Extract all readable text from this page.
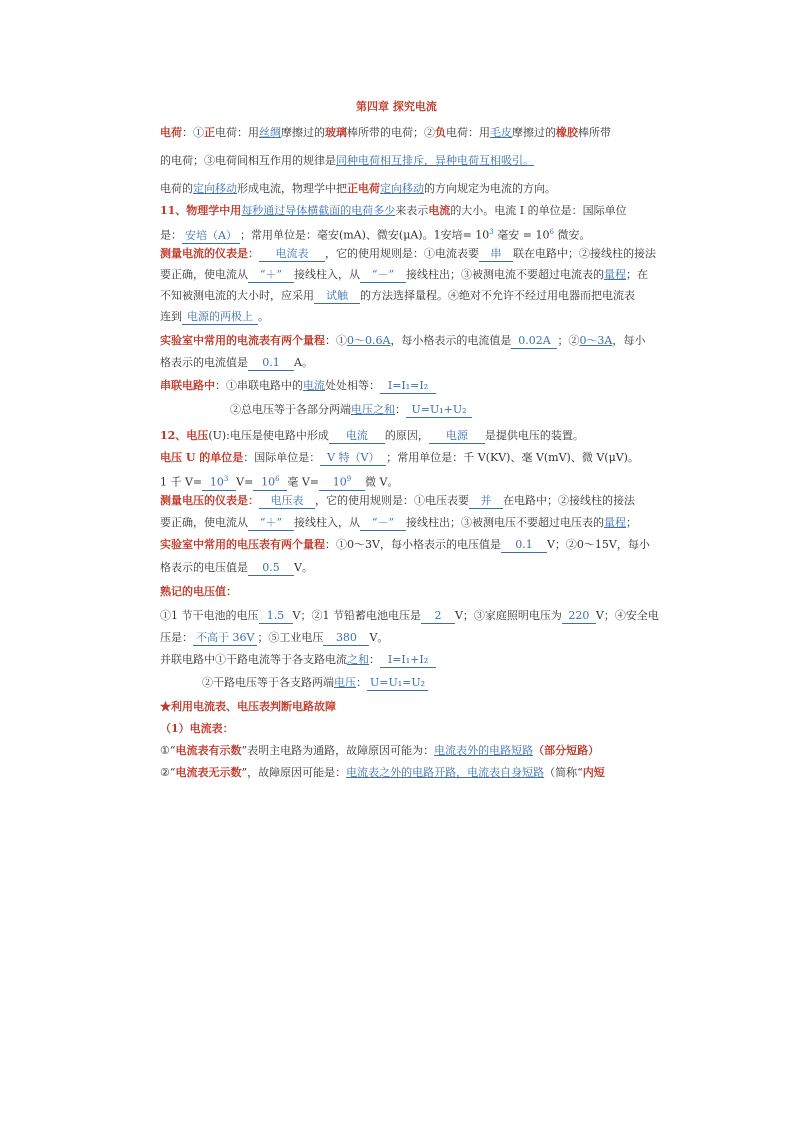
第四章 探究电流
电荷：①正电荷：用丝绸摩擦过的玻璃棒所带的电荷；②负电荷：用毛皮摩擦过的橡胶棒所带
的电荷；③电荷间相互作用的规律是同种电荷相互排斥，异种电荷互相吸引。
电荷的定向移动形成电流，物理学中把正电荷定向移动的方向规定为电流的方向。
11、物理学中用每秒通过导体横截面的电荷多少来表示电流的大小。电流 I 的单位是：国际单位
是： 安培（A） ；常用单位是：毫安(mA)、微安(μA)。1安培= $10^3$ 毫安 = $10^6$ 微安。
测量电流的仪表是： 电流表 ，它的使用规则是：①电流表要 串 联在电路中；②接线柱的接法
要正确，使电流从 “＋” 接线柱入，从 “－” 接线柱出；③被测电流不要超过电流表的量程；在
不知被测电流的大小时，应采用 试触 的方法选择量程。④绝对不允许不经过用电器而把电流表
连到 电源的两极上 。
实验室中常用的电流表有两个量程：①0～0.6A，每小格表示的电流值是 0.02A ；②0～3A，每小
格表示的电流值是 0.1 A。
串联电路中：①串联电路中的电流处处相等： I=I₁=I₂
②总电压等于各部分两端电压之和： U=U₁+U₂
12、电压(U):电压是使电路中形成 电流 的原因， 电源 是提供电压的装置。
电压 U 的单位是：国际单位是： V 特（V） ；常用单位是：千 V(KV)、毫 V(mV)、微 V(μV)。
1 千 $V= 10^3$ $V= 10^6$ 毫 $V= 10^9$ 微 V。
测量电压的仪表是： 电压表 ，它的使用规则是：①电压表要 并 在电路中；②接线柱的接法
要正确，使电流从 “＋” 接线柱入，从 “－” 接线柱出；③被测电压不要超过电压表的量程；
实验室中常用的电压表有两个量程：①0～3V，每小格表示的电压值是 0.1 V；②0～15V，每小
格表示的电压值是 0.5 V。
熟记的电压值：
①1 节干电池的电压 1.5 V；②1 节铅蓄电池电压是 2 V；③家庭照明电压为 220 V；④安全电
压是： 不高于 36V ；⑤工业电压 380 V。
并联电路中①干路电流等于各支路电流之和： I=I₁+I₂
②干路电压等于各支路两端电压： U=U₁=U₂
★利用电流表、电压表判断电路故障
（1）电流表：
①“电流表有示数”表明主电路为通路，故障原因可能为：电流表外的电路短路（部分短路）
②“电流表无示数”，故障原因可能是：电流表之外的电路开路，电流表自身短路（简称“内短
